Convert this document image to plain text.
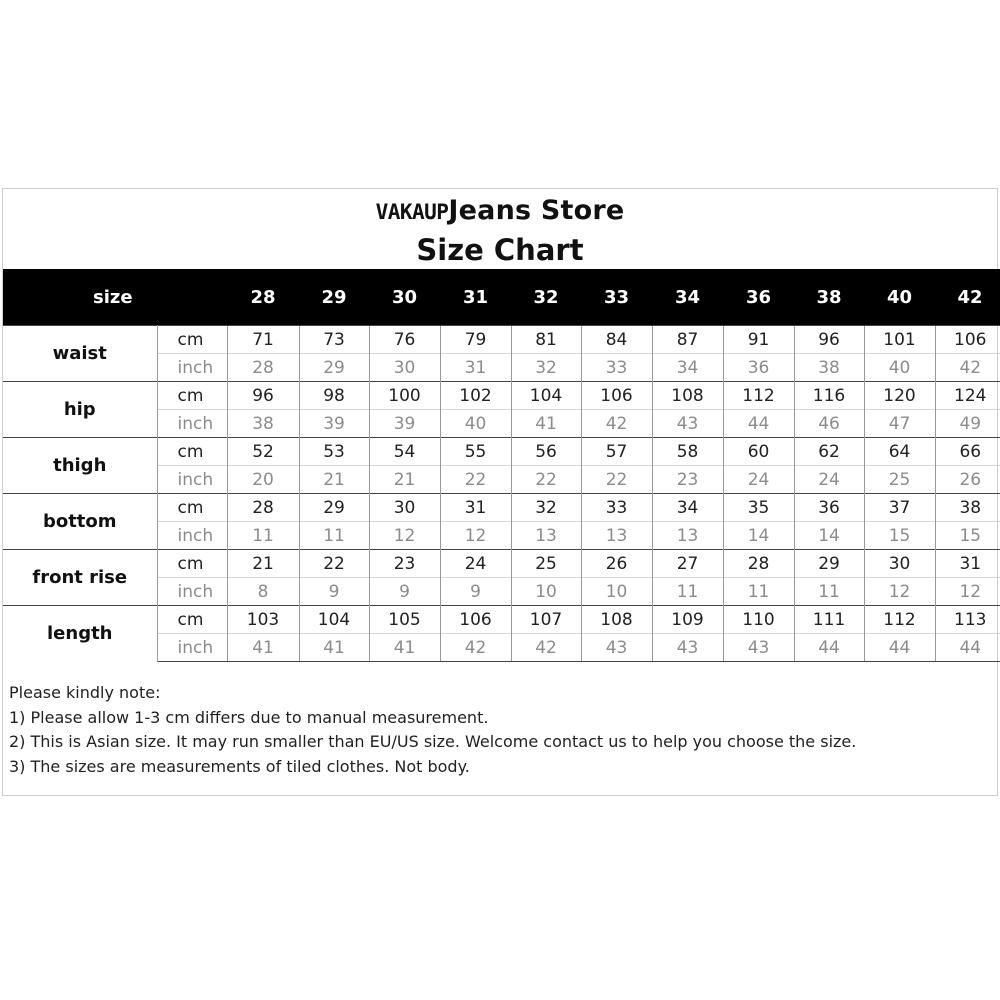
VAKAUPJeans Store
Size Chart
size		28	29	30	31	32	33	34	36	38	40	42
waist	cm	71	73	76	79	81	84	87	91	96	101	106
	inch	28	29	30	31	32	33	34	36	38	40	42
hip	cm	96	98	100	102	104	106	108	112	116	120	124
	inch	38	39	39	40	41	42	43	44	46	47	49
thigh	cm	52	53	54	55	56	57	58	60	62	64	66
	inch	20	21	21	22	22	22	23	24	24	25	26
bottom	cm	28	29	30	31	32	33	34	35	36	37	38
	inch	11	11	12	12	13	13	13	14	14	15	15
front rise	cm	21	22	23	24	25	26	27	28	29	30	31
	inch	8	9	9	9	10	10	11	11	11	12	12
length	cm	103	104	105	106	107	108	109	110	111	112	113
	inch	41	41	41	42	42	43	43	43	44	44	44

Please kindly note:

1) Please allow 1-3 cm differs due to manual measurement.

2) This is Asian size. It may run smaller than EU/US size. Welcome contact us to help you choose the size.

3) The sizes are measurements of tiled clothes. Not body.
